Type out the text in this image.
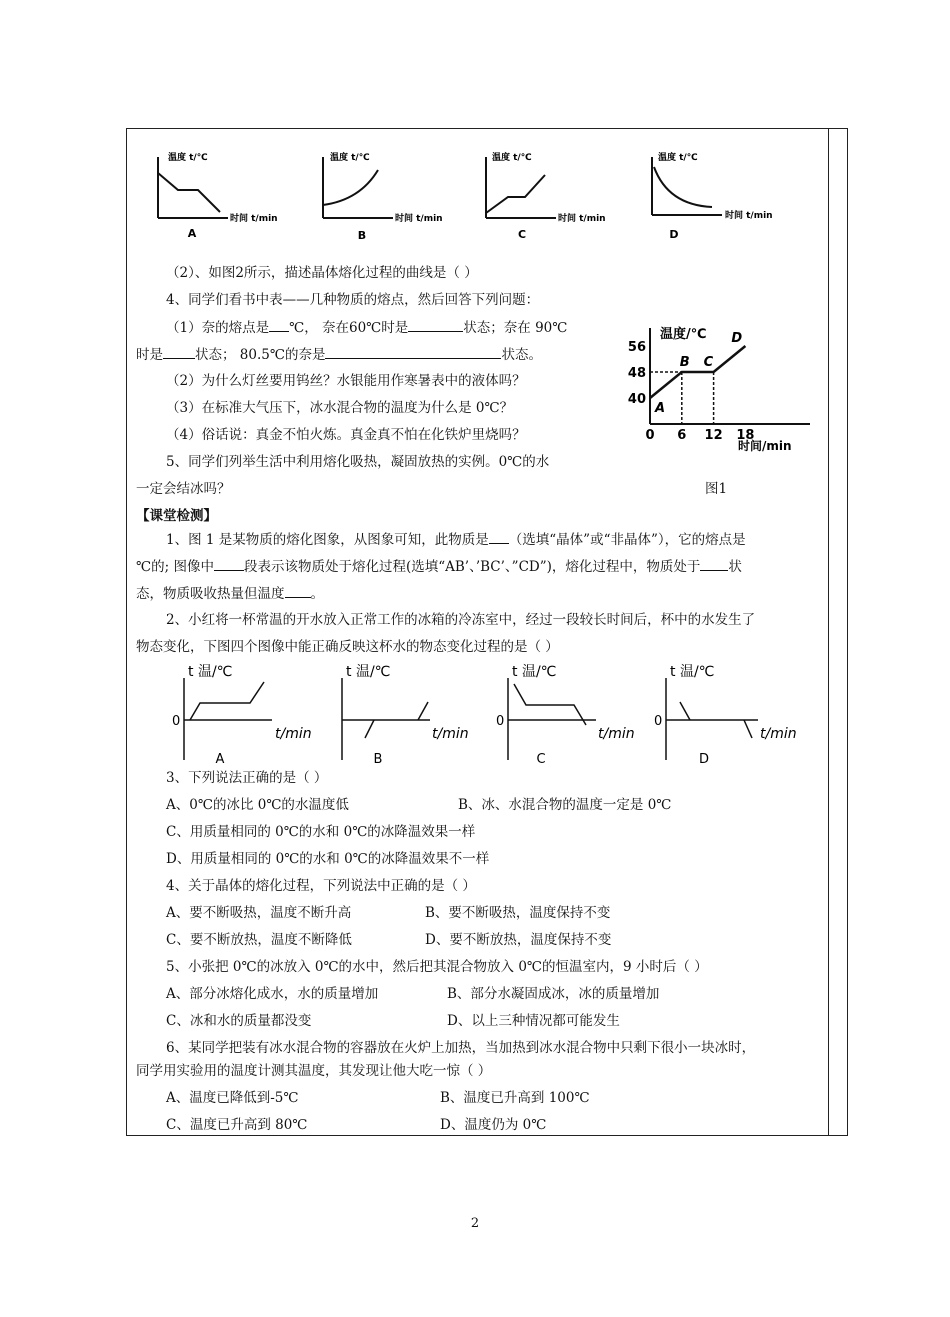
温度 t/℃
时间 t/min
A
温度 t/℃
时间 t/min
B
温度 t/℃
时间 t/min
C
温度 t/℃
时间 t/min
D
（2）、如图2所示，描述晶体熔化过程的曲线是（ ）
4、同学们看书中表——几种物质的熔点，然后回答下列问题：
（1）奈的熔点是 ℃， 奈在60℃时是	状态；奈在 90℃
时是 状态； 80.5℃的奈是	状态。
（2）为什么灯丝要用钨丝？水银能用作寒暑表中的液体吗？
（3）在标准大气压下，冰水混合物的温度为什么是 0℃？
（4）俗话说：真金不怕火炼。真金真不怕在化铁炉里烧吗？
5、同学们列举生活中利用熔化吸热，凝固放热的实例。0℃的水
一定会结冰吗？
温度/℃
时间/min
56
48
40
0 6 12 18
A
B C
D
图1
【课堂检测】
1、图 1 是某物质的熔化图象，从图象可知，此物质是 （选填“晶体”或“非晶体”），它的熔点是
℃的; 图像中 段表示该物质处于熔化过程(选填“AB’、’BC’、”CD”)，熔化过程中，物质处于 状
态，物质吸收热量但温度 。
2、小红将一杯常温的开水放入正常工作的冰箱的冷冻室中，经过一段较长时间后，杯中的水发生了
物态变化，下图四个图像中能正确反映这杯水的物态变化过程的是（ ）
t 温/℃
0
t/min
A
t 温/℃
t/min
B
t 温/℃
0
t/min
C
t 温/℃
0
t/min
D
3、下列说法正确的是（ ）
A、0℃的冰比 0℃的水温度低	B、冰、水混合物的温度一定是 0℃
C、用质量相同的 0℃的水和 0℃的冰降温效果一样
D、用质量相同的 0℃的水和 0℃的冰降温效果不一样
4、关于晶体的熔化过程，下列说法中正确的是（ ）
A、要不断吸热，温度不断升高	B、要不断吸热，温度保持不变
C、要不断放热，温度不断降低	D、要不断放热，温度保持不变
5、小张把 0℃的冰放入 0℃的水中，然后把其混合物放入 0℃的恒温室内，9 小时后（ ）
A、部分冰熔化成水，水的质量增加	B、部分水凝固成冰，冰的质量增加
C、冰和水的质量都没变	D、以上三种情况都可能发生
6、某同学把装有冰水混合物的容器放在火炉上加热，当加热到冰水混合物中只剩下很小一块冰时，
同学用实验用的温度计测其温度，其发现让他大吃一惊（ ）
A、温度已降低到-5℃	B、温度已升高到 100℃
C、温度已升高到 80℃	D、温度仍为 0℃
2
